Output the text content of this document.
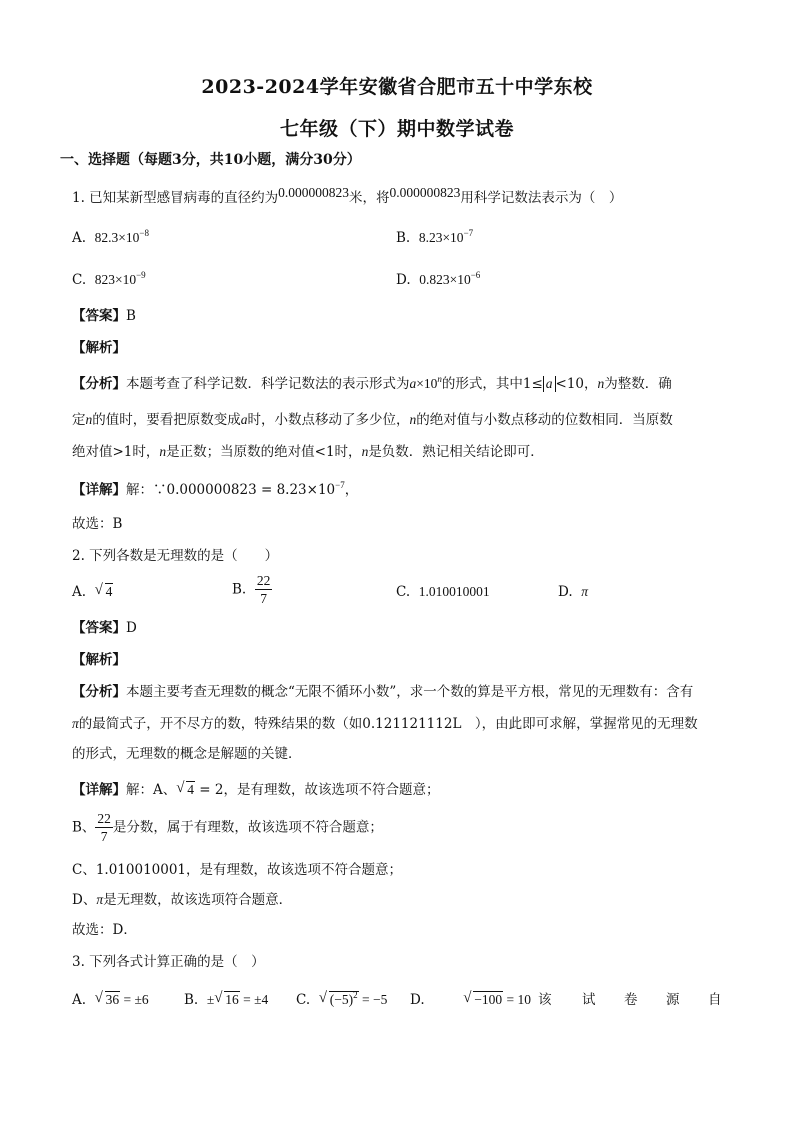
2023-2024学年安徽省合肥市五十中学东校
七年级（下）期中数学试卷
一、选择题（每题3分，共10小题，满分30分）
1. 已知某新型感冒病毒的直径约为0.000000823米，将0.000000823用科学记数法表示为（　）
A. $82.3\times 10^{-8}$	B. $8.23\times 10^{-7}$
C. $823\times 10^{-9}$	D. $0.823\times 10^{-6}$
【答案】B
【解析】
【分析】本题考查了科学记数．科学记数法的表示形式为$a\times 10^n$的形式，其中1≤ a <10，n为整数．确
定n的值时，要看把原数变成a时，小数点移动了多少位，n的绝对值与小数点移动的位数相同．当原数
绝对值>1时，n是正数；当原数的绝对值<1时，n是负数．熟记相关结论即可．
【详解】解：∵0.000000823 = $8.23\times 10^{-7}$，
故选：B
2. 下列各数是无理数的是（　　）
A. √ 4	B. $\frac{22}{7}$	C. 1.010010001	D. π
【答案】D
【解析】
【分析】本题主要考查无理数的概念“无限不循环小数”，求一个数的算是平方根，常见的无理数有：含有
π的最简式子，开不尽方的数，特殊结果的数（如0.121121112L　），由此即可求解，掌握常见的无理数
的形式，无理数的概念是解题的关键．
【详解】解：A、 √ 4 = 2，是有理数，故该选项不符合题意；
B、 $\frac{22}{7}$ 是分数，属于有理数，故该选项不符合题意；
C、1.010010001，是有理数，故该选项不符合题意；
D、π是无理数，故该选项符合题意．
故选：D．
3. 下列各式计算正确的是（　）
A. √ 36 = ±6	B. ± √ 16 = ±4 C. √ $(-5)^2 = -5$ D.	√ −100 = 10 该 试 卷 源 自
